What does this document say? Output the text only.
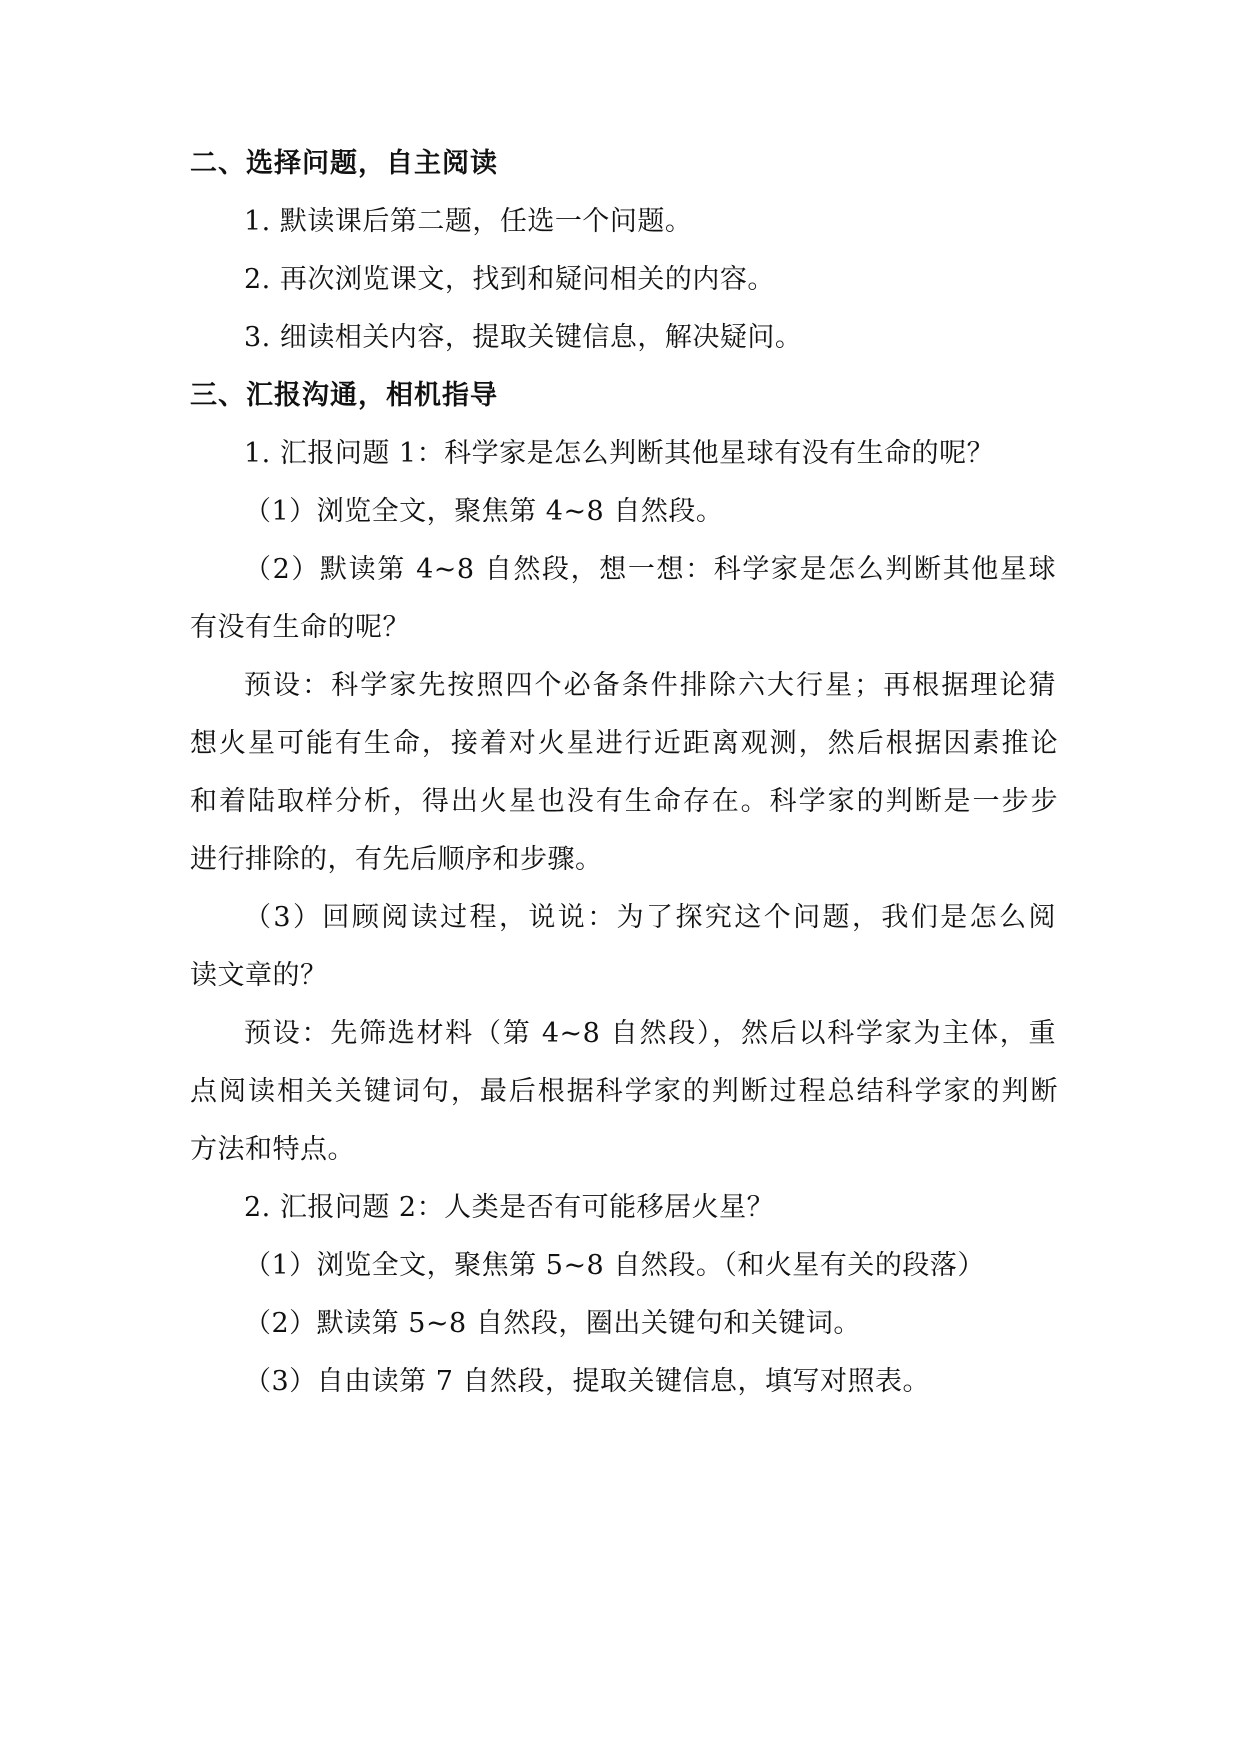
二、选择问题，自主阅读
1. 默读课后第二题，任选一个问题。
2. 再次浏览课文，找到和疑问相关的内容。
3. 细读相关内容，提取关键信息，解决疑问。
三、汇报沟通，相机指导
1. 汇报问题 1：科学家是怎么判断其他星球有没有生命的呢？
（1）浏览全文，聚焦第 4~8 自然段。
（2）默读第 4~8 自然段，想一想：科学家是怎么判断其他星球
有没有生命的呢？
预设：科学家先按照四个必备条件排除六大行星；再根据理论猜
想火星可能有生命，接着对火星进行近距离观测，然后根据因素推论
和着陆取样分析，得出火星也没有生命存在。科学家的判断是一步步
进行排除的，有先后顺序和步骤。
（3）回顾阅读过程，说说：为了探究这个问题，我们是怎么阅
读文章的？
预设：先筛选材料（第 4~8 自然段），然后以科学家为主体，重
点阅读相关关键词句，最后根据科学家的判断过程总结科学家的判断
方法和特点。
2. 汇报问题 2：人类是否有可能移居火星？
（1）浏览全文，聚焦第 5~8 自然段。（和火星有关的段落）
（2）默读第 5~8 自然段，圈出关键句和关键词。
（3）自由读第 7 自然段，提取关键信息，填写对照表。
